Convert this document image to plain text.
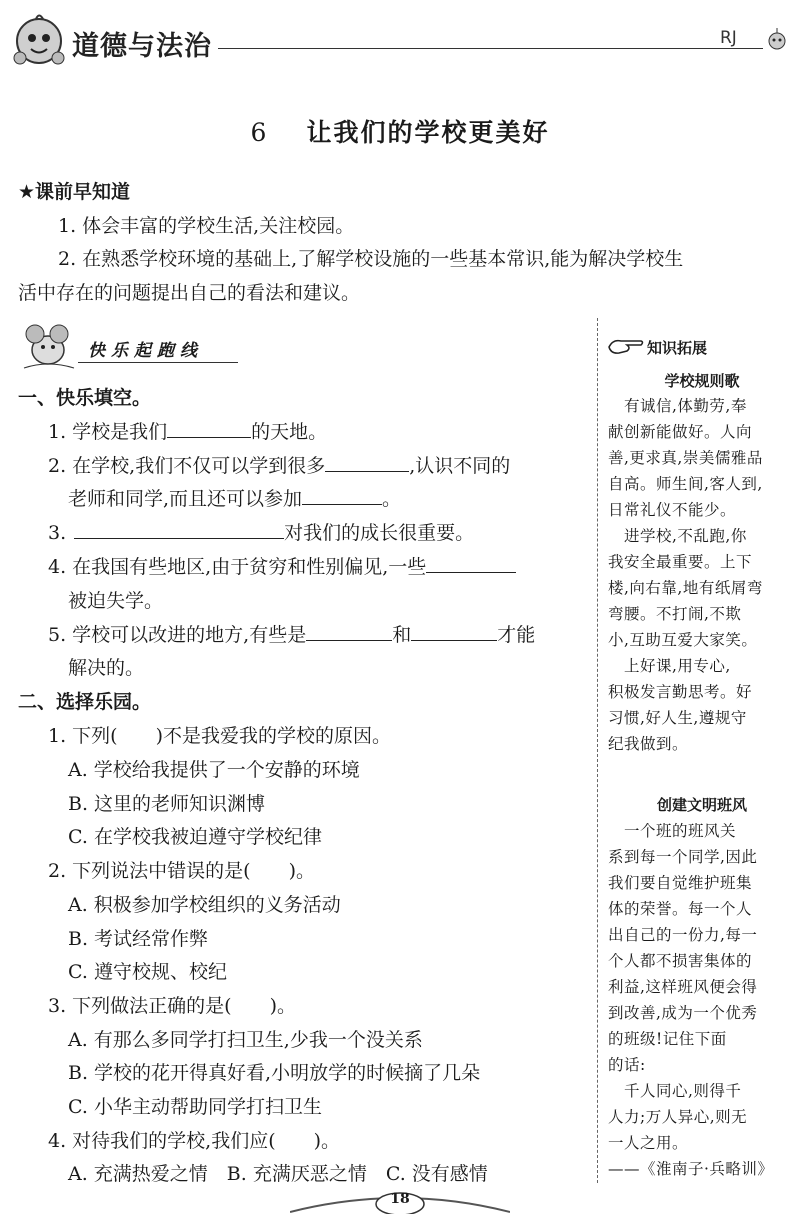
道德与法治	RJ
6 让我们的学校更美好
★课前早知道
1. 体会丰富的学校生活,关注校园。
2. 在熟悉学校环境的基础上,了解学校设施的一些基本常识,能为解决学校生
活中存在的问题提出自己的看法和建议。
快乐起跑线
一、快乐填空。
1. 学校是我们	的天地。
2. 在学校,我们不仅可以学到很多	,认识不同的
老师和同学,而且还可以参加	。
3.	对我们的成长很重要。
4. 在我国有些地区,由于贫穷和性别偏见,一些
被迫失学。
5. 学校可以改进的地方,有些是	和	才能
解决的。
二、选择乐园。
1. 下列(　　)不是我爱我的学校的原因。
A. 学校给我提供了一个安静的环境
B. 这里的老师知识渊博
C. 在学校我被迫遵守学校纪律
2. 下列说法中错误的是(　　)。
A. 积极参加学校组织的义务活动
B. 考试经常作弊
C. 遵守校规、校纪
3. 下列做法正确的是(　　)。
A. 有那么多同学打扫卫生,少我一个没关系
B. 学校的花开得真好看,小明放学的时候摘了几朵
C. 小华主动帮助同学打扫卫生
4. 对待我们的学校,我们应(　　)。
A. 充满热爱之情　B. 充满厌恶之情　C. 没有感情
知识拓展
学校规则歌
　有诚信,体勤劳,奉
献创新能做好。人向
善,更求真,崇美儒雅品
自高。师生间,客人到,
日常礼仪不能少。
　进学校,不乱跑,你
我安全最重要。上下
楼,向右靠,地有纸屑弯
弯腰。不打闹,不欺
小,互助互爱大家笑。
　上好课,用专心,
积极发言勤思考。好
习惯,好人生,遵规守
纪我做到。
创建文明班风
　一个班的班风关
系到每一个同学,因此
我们要自觉维护班集
体的荣誉。每一个人
出自己的一份力,每一
个人都不损害集体的
利益,这样班风便会得
到改善,成为一个优秀
的班级!记住下面
的话:
　千人同心,则得千
人力;万人异心,则无
一人之用。
——《淮南子·兵略训》
18
